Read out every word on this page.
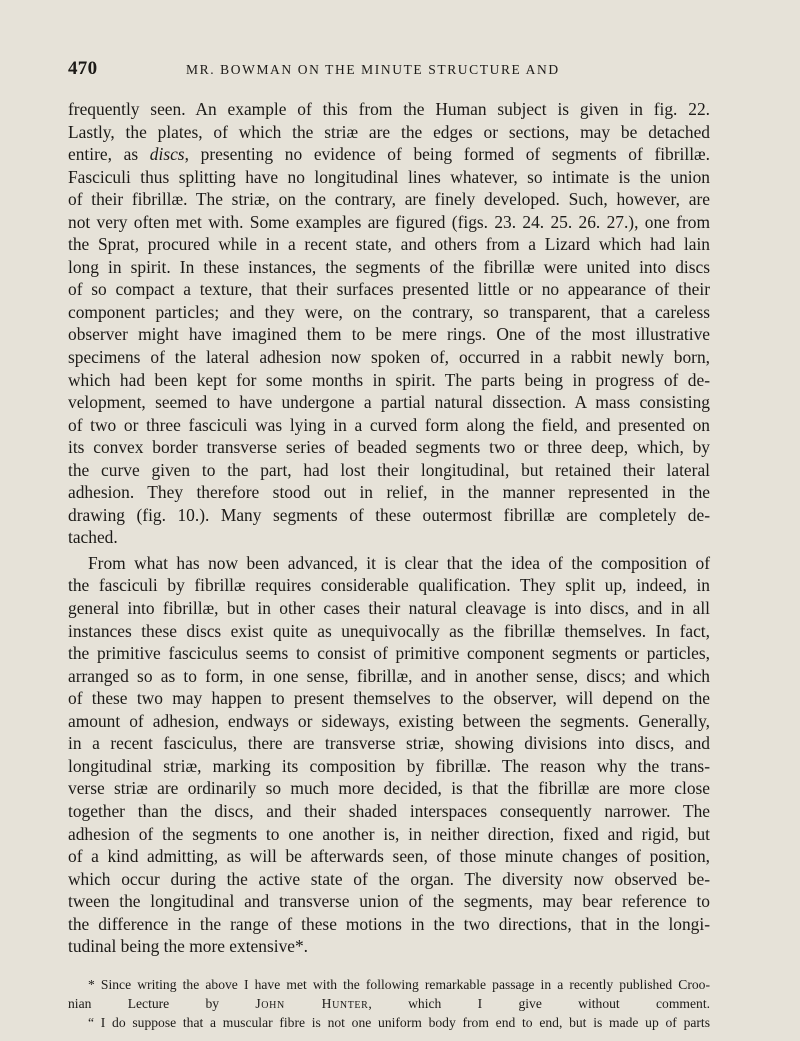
470	MR. BOWMAN ON THE MINUTE STRUCTURE AND

frequently seen. An example of this from the Human subject is given in fig. 22.
Lastly, the plates, of which the striæ are the edges or sections, may be detached
entire, as discs, presenting no evidence of being formed of segments of fibrillæ.
Fasciculi thus splitting have no longitudinal lines whatever, so intimate is the union
of their fibrillæ. The striæ, on the contrary, are finely developed. Such, however, are
not very often met with. Some examples are figured (figs. 23. 24. 25. 26. 27.), one from
the Sprat, procured while in a recent state, and others from a Lizard which had lain
long in spirit. In these instances, the segments of the fibrillæ were united into discs
of so compact a texture, that their surfaces presented little or no appearance of their
component particles; and they were, on the contrary, so transparent, that a careless
observer might have imagined them to be mere rings. One of the most illustrative
specimens of the lateral adhesion now spoken of, occurred in a rabbit newly born,
which had been kept for some months in spirit. The parts being in progress of de-
velopment, seemed to have undergone a partial natural dissection. A mass consisting
of two or three fasciculi was lying in a curved form along the field, and presented on
its convex border transverse series of beaded segments two or three deep, which, by
the curve given to the part, had lost their longitudinal, but retained their lateral
adhesion. They therefore stood out in relief, in the manner represented in the
drawing (fig. 10.). Many segments of these outermost fibrillæ are completely de-
tached.

From what has now been advanced, it is clear that the idea of the composition of
the fasciculi by fibrillæ requires considerable qualification. They split up, indeed, in
general into fibrillæ, but in other cases their natural cleavage is into discs, and in all
instances these discs exist quite as unequivocally as the fibrillæ themselves. In fact,
the primitive fasciculus seems to consist of primitive component segments or particles,
arranged so as to form, in one sense, fibrillæ, and in another sense, discs; and which
of these two may happen to present themselves to the observer, will depend on the
amount of adhesion, endways or sideways, existing between the segments. Generally,
in a recent fasciculus, there are transverse striæ, showing divisions into discs, and
longitudinal striæ, marking its composition by fibrillæ. The reason why the trans-
verse striæ are ordinarily so much more decided, is that the fibrillæ are more close
together than the discs, and their shaded interspaces consequently narrower. The
adhesion of the segments to one another is, in neither direction, fixed and rigid, but
of a kind admitting, as will be afterwards seen, of those minute changes of position,
which occur during the active state of the organ. The diversity now observed be-
tween the longitudinal and transverse union of the segments, may bear reference to
the difference in the range of these motions in the two directions, that in the longi-
tudinal being the more extensive*.

* Since writing the above I have met with the following remarkable passage in a recently published Croo-
nian Lecture by John Hunter, which I give without comment.
“ I do suppose that a muscular fibre is not one uniform body from end to end, but is made up of parts
